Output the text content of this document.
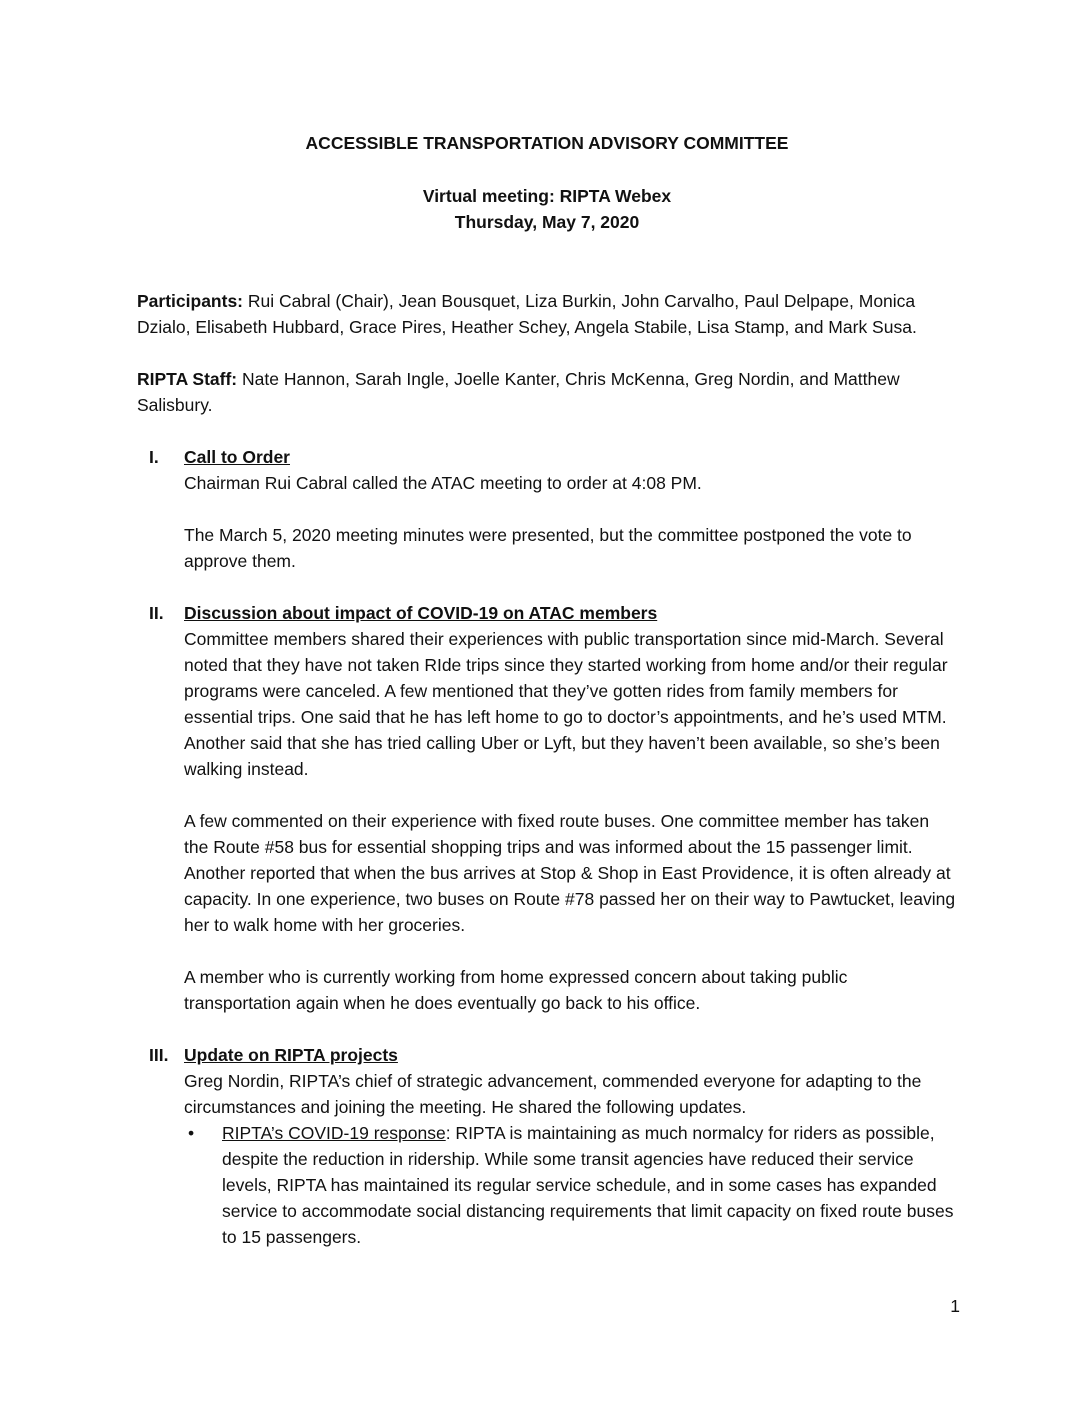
ACCESSIBLE TRANSPORTATION ADVISORY COMMITTEE

Virtual meeting: RIPTA Webex

Thursday, May 7, 2020

Participants: Rui Cabral (Chair), Jean Bousquet, Liza Burkin, John Carvalho, Paul Delpape, Monica Dzialo, Elisabeth Hubbard, Grace Pires, Heather Schey, Angela Stabile, Lisa Stamp, and Mark Susa.

RIPTA Staff: Nate Hannon, Sarah Ingle, Joelle Kanter, Chris McKenna, Greg Nordin, and Matthew Salisbury.

I. Call to Order

Chairman Rui Cabral called the ATAC meeting to order at 4:08 PM.

The March 5, 2020 meeting minutes were presented, but the committee postponed the vote to approve them.

II. Discussion about impact of COVID-19 on ATAC members

Committee members shared their experiences with public transportation since mid-March. Several noted that they have not taken RIde trips since they started working from home and/or their regular programs were canceled. A few mentioned that they’ve gotten rides from family members for essential trips. One said that he has left home to go to doctor’s appointments, and he’s used MTM. Another said that she has tried calling Uber or Lyft, but they haven’t been available, so she’s been walking instead.

A few commented on their experience with fixed route buses. One committee member has taken the Route #58 bus for essential shopping trips and was informed about the 15 passenger limit. Another reported that when the bus arrives at Stop & Shop in East Providence, it is often already at capacity. In one experience, two buses on Route #78 passed her on their way to Pawtucket, leaving her to walk home with her groceries.

A member who is currently working from home expressed concern about taking public transportation again when he does eventually go back to his office.

III. Update on RIPTA projects

Greg Nordin, RIPTA’s chief of strategic advancement, commended everyone for adapting to the circumstances and joining the meeting. He shared the following updates.

• RIPTA’s COVID-19 response: RIPTA is maintaining as much normalcy for riders as possible, despite the reduction in ridership. While some transit agencies have reduced their service levels, RIPTA has maintained its regular service schedule, and in some cases has expanded service to accommodate social distancing requirements that limit capacity on fixed route buses to 15 passengers.
1
